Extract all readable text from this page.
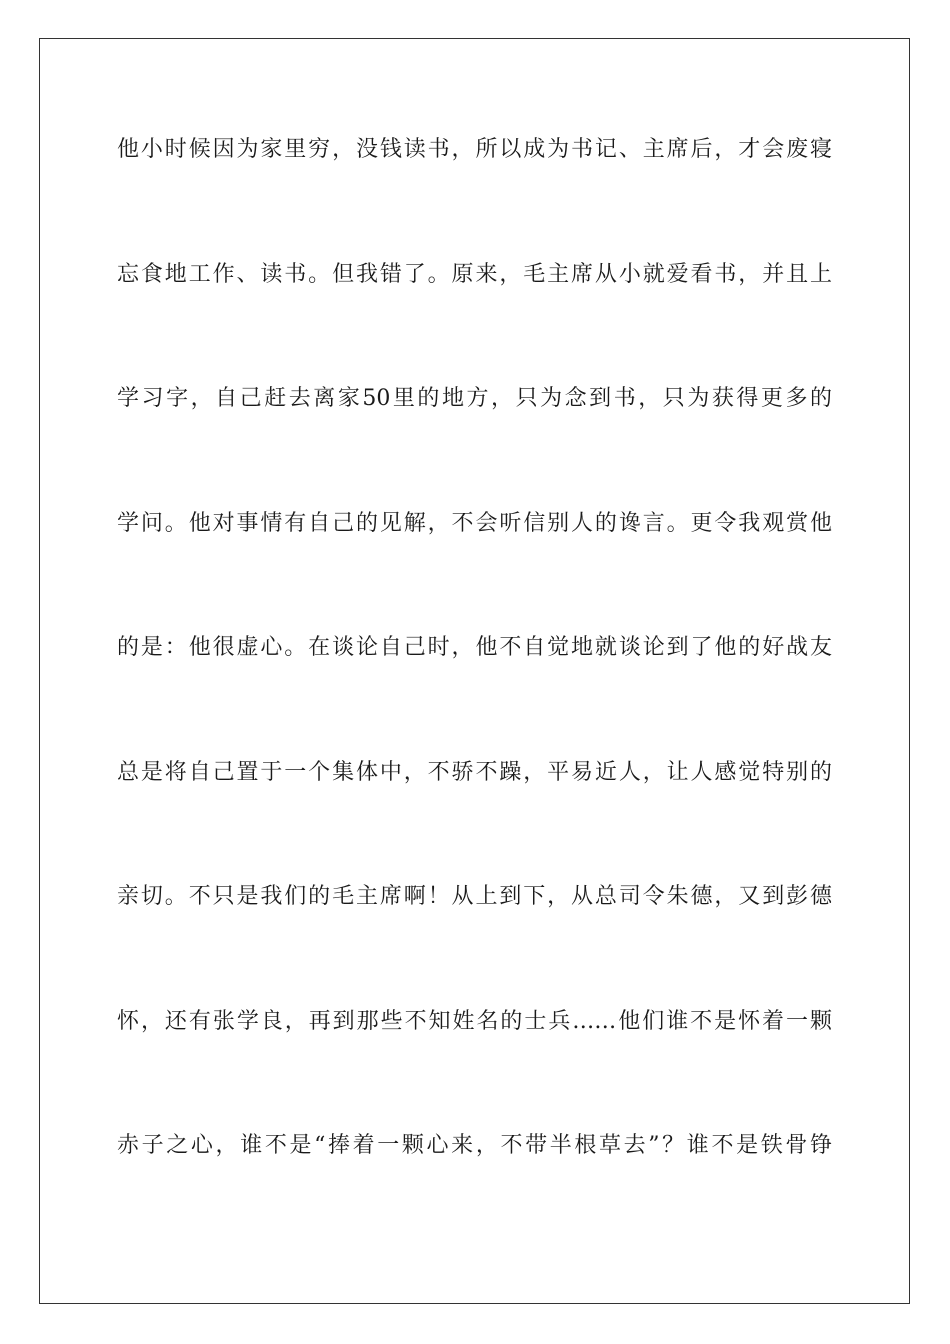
他小时候因为家里穷，没钱读书，所以成为书记、主席后，才会废寝
忘食地工作、读书。但我错了。原来，毛主席从小就爱看书，并且上
学习字，自己赶去离家50里的地方，只为念到书，只为获得更多的
学问。他对事情有自己的见解，不会听信别人的谗言。更令我观赏他
的是：他很虚心。在谈论自己时，他不自觉地就谈论到了他的好战友
总是将自己置于一个集体中，不骄不躁，平易近人，让人感觉特别的
亲切。不只是我们的毛主席啊！从上到下，从总司令朱德，又到彭德
怀，还有张学良，再到那些不知姓名的士兵……他们谁不是怀着一颗
赤子之心，谁不是“捧着一颗心来，不带半根草去”？谁不是铁骨铮
